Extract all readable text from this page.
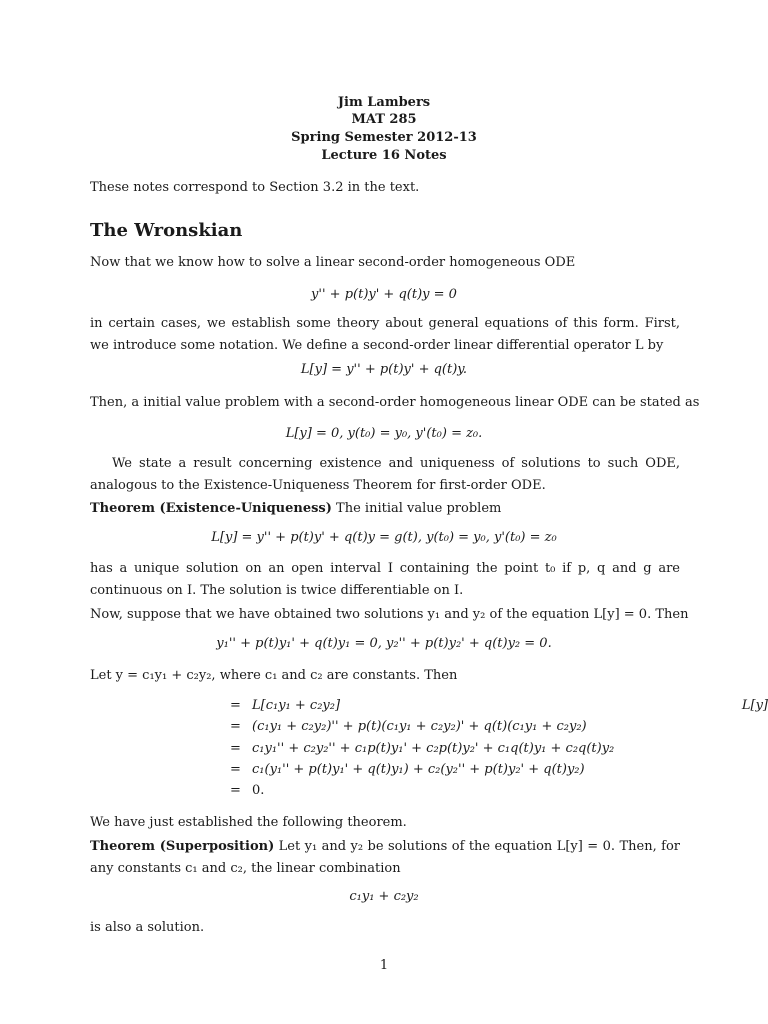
Jim Lambers
MAT 285
Spring Semester 2012-13
Lecture 16 Notes
These notes correspond to Section 3.2 in the text.
The Wronskian
Now that we know how to solve a linear second-order homogeneous ODE
y'' + p(t)y' + q(t)y = 0
in certain cases, we establish some theory about general equations of this form. First, we introduce some notation. We define a second-order linear differential operator L by
L[y] = y'' + p(t)y' + q(t)y.
Then, a initial value problem with a second-order homogeneous linear ODE can be stated as
L[y] = 0, y(t₀) = y₀, y'(t₀) = z₀.
We state a result concerning existence and uniqueness of solutions to such ODE, analogous to the Existence-Uniqueness Theorem for first-order ODE.
Theorem (Existence-Uniqueness) The initial value problem
L[y] = y'' + p(t)y' + q(t)y = g(t), y(t₀) = y₀, y'(t₀) = z₀
has a unique solution on an open interval I containing the point t₀ if p, q and g are continuous on I. The solution is twice differentiable on I.
Now, suppose that we have obtained two solutions y₁ and y₂ of the equation L[y] = 0. Then
y₁'' + p(t)y₁' + q(t)y₁ = 0, y₂'' + p(t)y₂' + q(t)y₂ = 0.
Let y = c₁y₁ + c₂y₂, where c₁ and c₂ are constants. Then
L[y]
= L[c₁y₁ + c₂y₂]
= (c₁y₁ + c₂y₂)'' + p(t)(c₁y₁ + c₂y₂)' + q(t)(c₁y₁ + c₂y₂)
= c₁y₁'' + c₂y₂'' + c₁p(t)y₁' + c₂p(t)y₂' + c₁q(t)y₁ + c₂q(t)y₂
= c₁(y₁'' + p(t)y₁' + q(t)y₁) + c₂(y₂'' + p(t)y₂' + q(t)y₂)
= 0.
We have just established the following theorem.
Theorem (Superposition) Let y₁ and y₂ be solutions of the equation L[y] = 0. Then, for any constants c₁ and c₂, the linear combination
c₁y₁ + c₂y₂
is also a solution.
1
